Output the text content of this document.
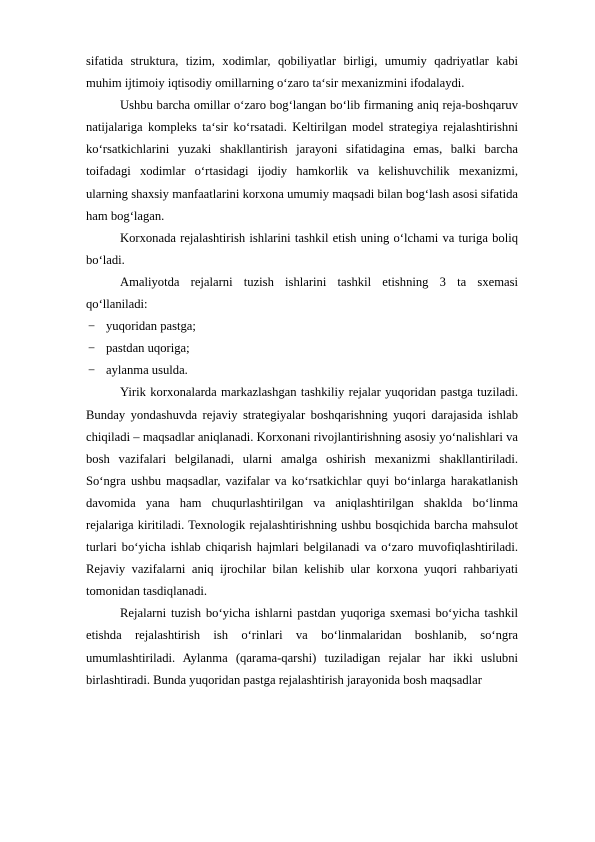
sifatida struktura, tizim, xodimlar, qobiliyatlar birligi, umumiy qadriyatlar kabi muhim ijtimoiy iqtisodiy omillarning o‘zaro ta‘sir mexanizmini ifodalaydi.

Ushbu barcha omillar o‘zaro bog‘langan bo‘lib firmaning aniq reja-boshqaruv natijalariga kompleks ta‘sir ko‘rsatadi. Keltirilgan model strategiya rejalashtirishni ko‘rsatkichlarini yuzaki shakllantirish jarayoni sifatidagina emas, balki barcha toifadagi xodimlar o‘rtasidagi ijodiy hamkorlik va kelishuvchilik mexanizmi, ularning shaxsiy manfaatlarini korxona umumiy maqsadi bilan bog‘lash asosi sifatida ham bog‘lagan.

Korxonada rejalashtirish ishlarini tashkil etish uning o‘lchami va turiga boliq bo‘ladi.

Amaliyotda rejalarni tuzish ishlarini tashkil etishning 3 ta sxemasi qo‘llaniladi:

− yuqoridan pastga;
− pastdan uqoriga;
− aylanma usulda.

Yirik korxonalarda markazlashgan tashkiliy rejalar yuqoridan pastga tuziladi. Bunday yondashuvda rejaviy strategiyalar boshqarishning yuqori darajasida ishlab chiqiladi – maqsadlar aniqlanadi. Korxonani rivojlantirishning asosiy yo‘nalishlari va bosh vazifalari belgilanadi, ularni amalga oshirish mexanizmi shakllantiriladi. So‘ngra ushbu maqsadlar, vazifalar va ko‘rsatkichlar quyi bo‘inlarga harakatlanish davomida yana ham chuqurlashtirilgan va aniqlashtirilgan shaklda bo‘linma rejalariga kiritiladi. Texnologik rejalashtirishning ushbu bosqichida barcha mahsulot turlari bo‘yicha ishlab chiqarish hajmlari belgilanadi va o‘zaro muvofiqlashtiriladi. Rejaviy vazifalarni aniq ijrochilar bilan kelishib ular korxona yuqori rahbariyati tomonidan tasdiqlanadi.

Rejalarni tuzish bo‘yicha ishlarni pastdan yuqoriga sxemasi bo‘yicha tashkil etishda rejalashtirish ish o‘rinlari va bo‘linmalaridan boshlanib, so‘ngra umumlashtiriladi. Aylanma (qarama-qarshi) tuziladigan rejalar har ikki uslubni birlashtiradi. Bunda yuqoridan pastga rejalashtirish jarayonida bosh maqsadlar
